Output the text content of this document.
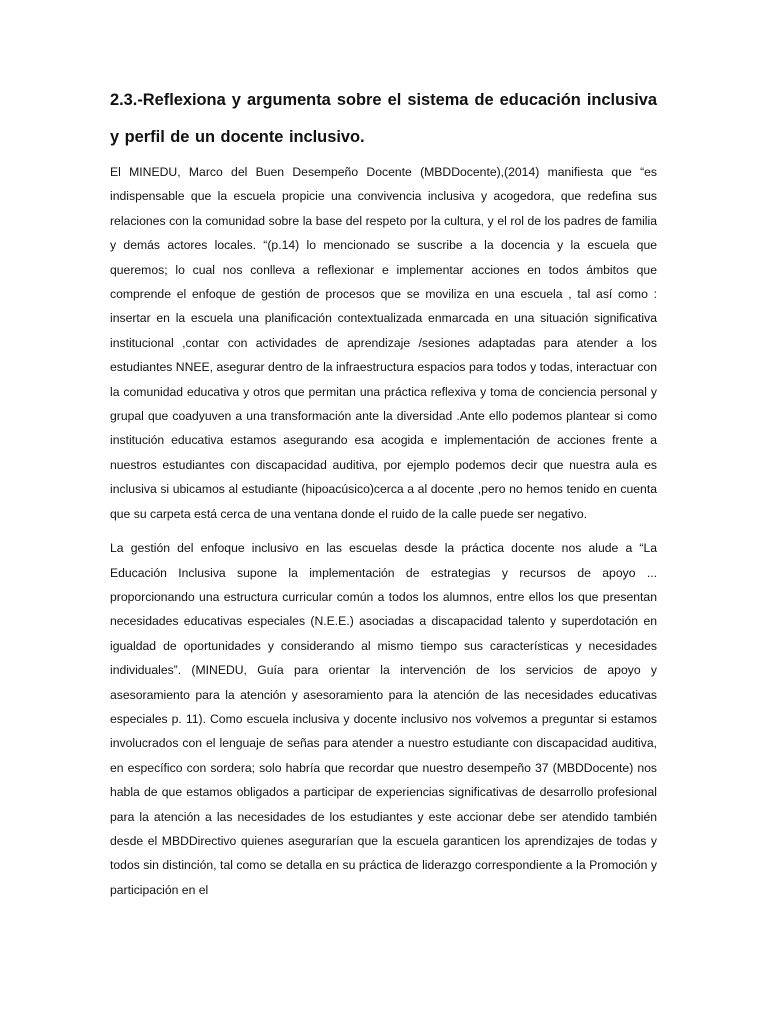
2.3.-Reflexiona y argumenta sobre el sistema de educación inclusiva y perfil de un docente inclusivo.

El MINEDU, Marco del Buen Desempeño Docente (MBDDocente),(2014) manifiesta que “es indispensable que la escuela propicie una convivencia inclusiva y acogedora, que redefina sus relaciones con la comunidad sobre la base del respeto por la cultura, y el rol de los padres de familia y demás actores locales. “(p.14) lo mencionado se suscribe a la docencia y la escuela que queremos; lo cual nos conlleva a reflexionar e implementar acciones en todos ámbitos que comprende el enfoque de gestión de procesos que se moviliza en una escuela , tal así como : insertar en la escuela una planificación contextualizada enmarcada en una situación significativa institucional ,contar con actividades de aprendizaje /sesiones adaptadas para atender a los estudiantes NNEE, asegurar dentro de la infraestructura espacios para todos y todas, interactuar con la comunidad educativa y otros que permitan una práctica reflexiva y toma de conciencia personal y grupal que coadyuven a una transformación ante la diversidad .Ante ello podemos plantear si como institución educativa estamos asegurando esa acogida e implementación de acciones frente a nuestros estudiantes con discapacidad auditiva, por ejemplo podemos decir que nuestra aula es inclusiva si ubicamos al estudiante (hipoacúsico)cerca a al docente ,pero no hemos tenido en cuenta que su carpeta está cerca de una ventana donde el ruido de la calle puede ser negativo.

La gestión del enfoque inclusivo en las escuelas desde la práctica docente nos alude a “La Educación Inclusiva supone la implementación de estrategias y recursos de apoyo ... proporcionando una estructura curricular común a todos los alumnos, entre ellos los que presentan necesidades educativas especiales (N.E.E.) asociadas a discapacidad talento y superdotación en igualdad de oportunidades y considerando al mismo tiempo sus características y necesidades individuales”. (MINEDU, Guía para orientar la intervención de los servicios de apoyo y asesoramiento para la atención y asesoramiento para la atención de las necesidades educativas especiales p. 11). Como escuela inclusiva y docente inclusivo nos volvemos a preguntar si estamos involucrados con el lenguaje de señas para atender a nuestro estudiante con discapacidad auditiva, en específico con sordera; solo habría que recordar que nuestro desempeño 37 (MBDDocente) nos habla de que estamos obligados a participar de experiencias significativas de desarrollo profesional para la atención a las necesidades de los estudiantes y este accionar debe ser atendido también desde el MBDDirectivo quienes asegurarían que la escuela garanticen los aprendizajes de todas y todos sin distinción, tal como se detalla en su práctica de liderazgo correspondiente a la Promoción y participación en el
